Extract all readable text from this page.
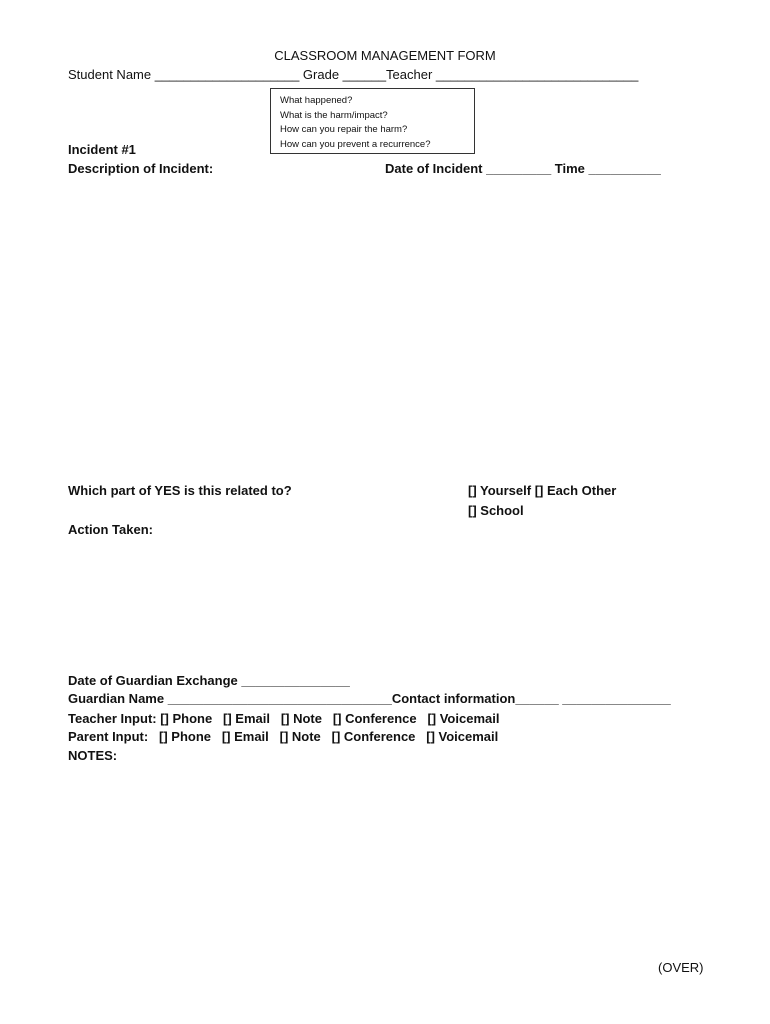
CLASSROOM MANAGEMENT FORM
Student Name ____________________ Grade ______Teacher ____________________________
What happened?
What is the harm/impact?
How can you repair the harm?
How can you prevent a recurrence?
Incident #1
Description of Incident:	Date of Incident _________ Time __________
Which part of YES is this related to?	[] Yourself [] Each Other
[] School
Action Taken:
Date of Guardian Exchange _______________
Guardian Name _______________________________Contact information______ _______________
Teacher Input: [] Phone   [] Email   [] Note   [] Conference   [] Voicemail
Parent Input:   [] Phone   [] Email   [] Note   [] Conference   [] Voicemail
NOTES:
(OVER)
